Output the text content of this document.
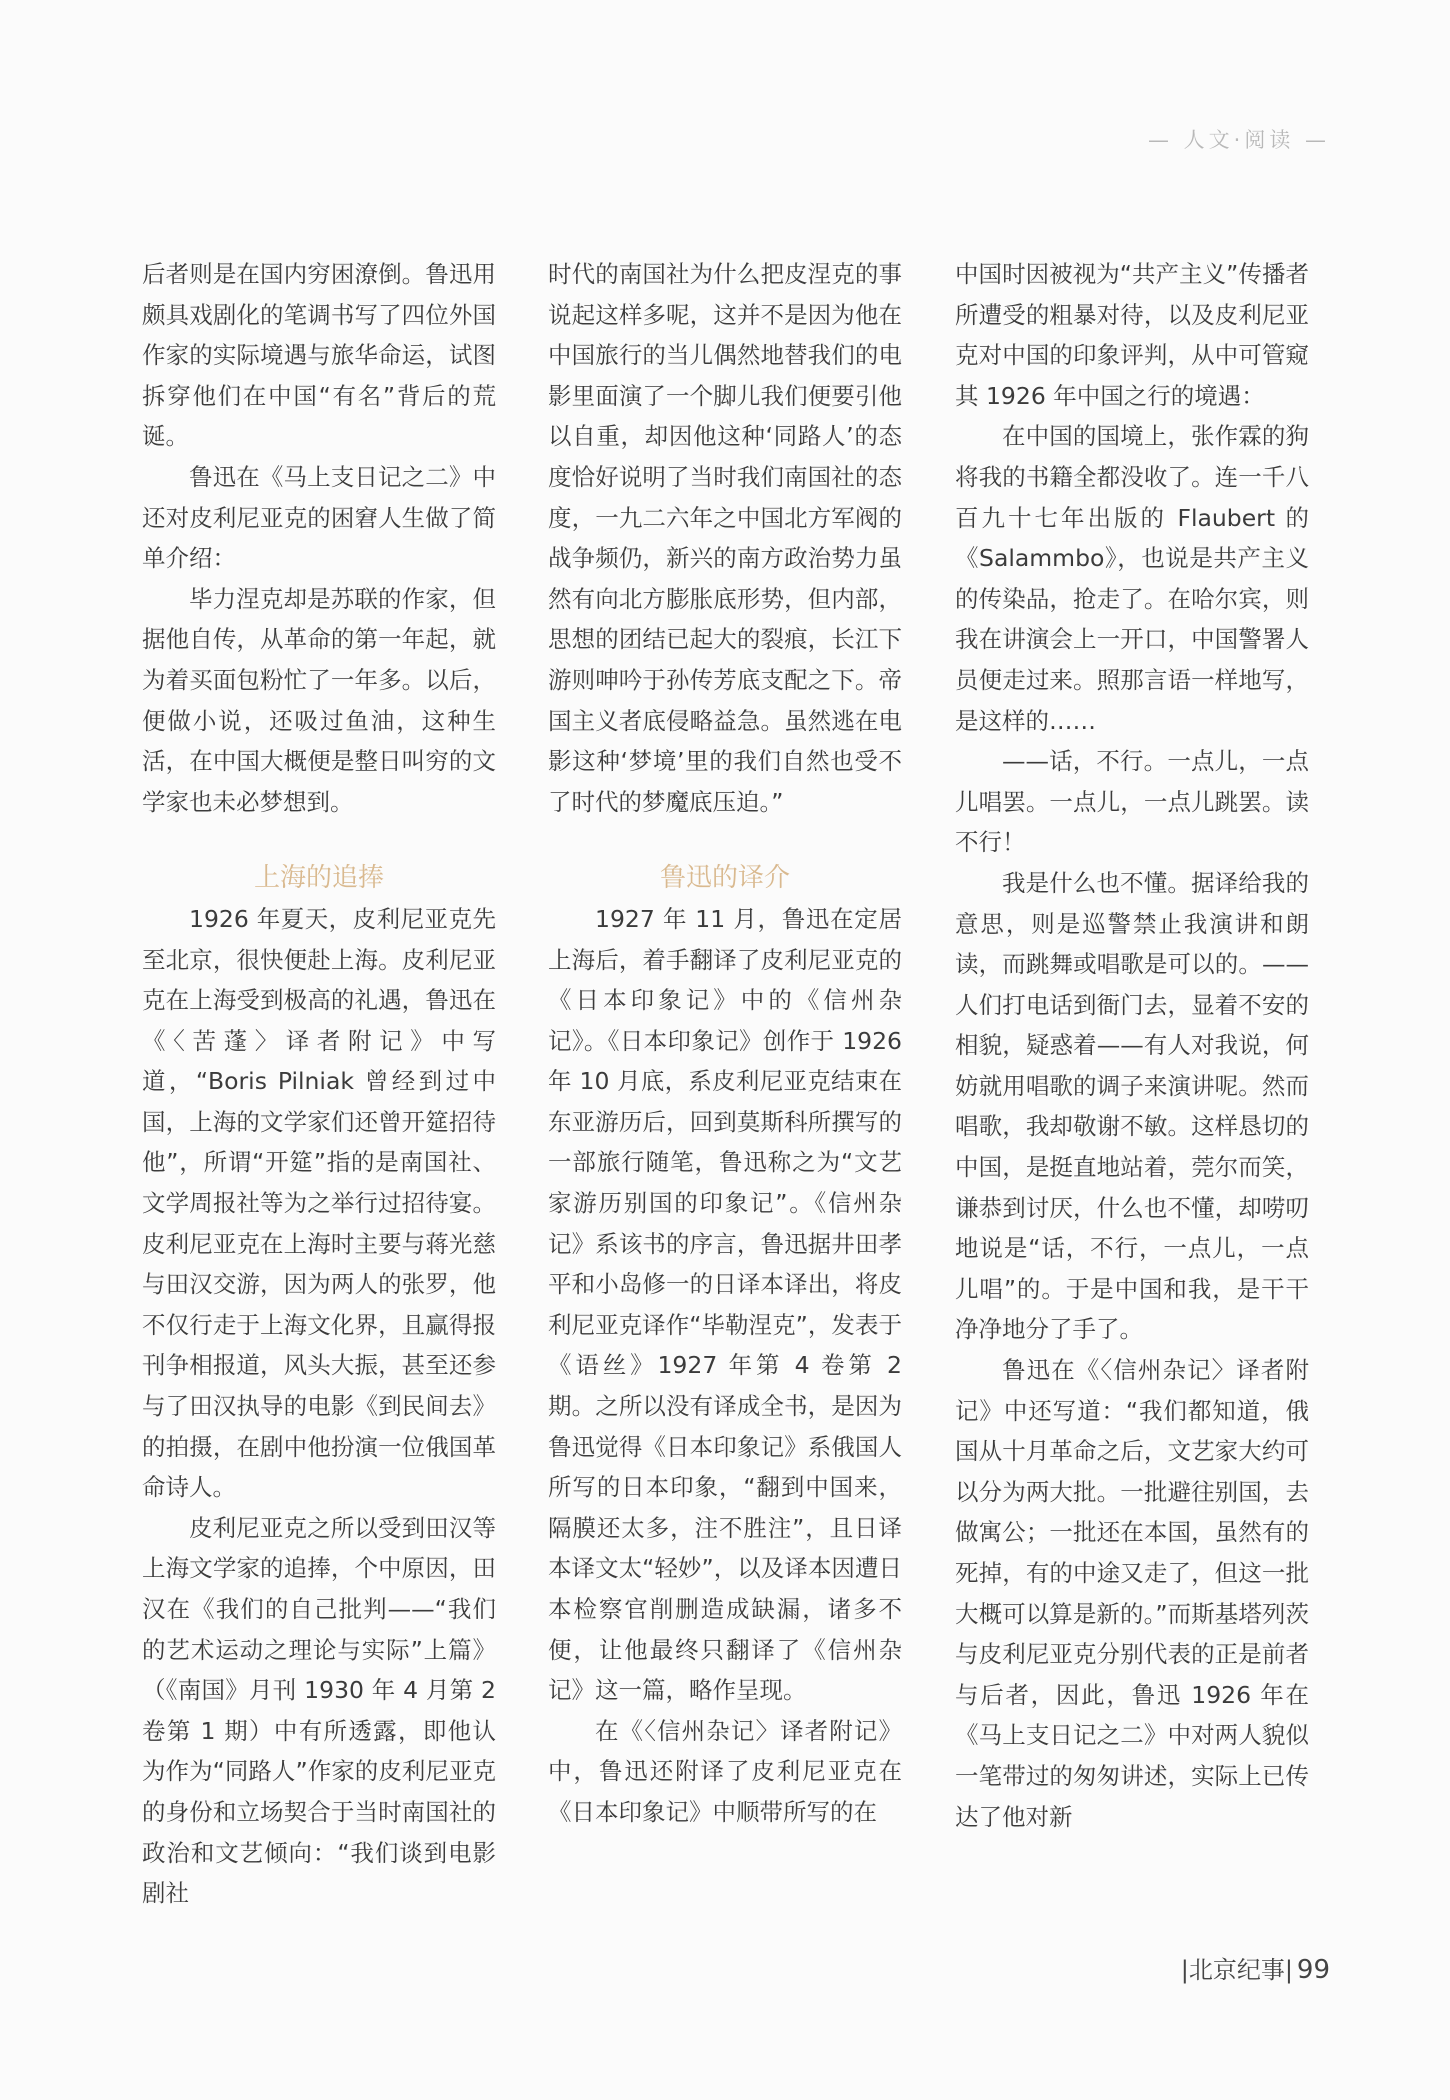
— 人文·阅读 —

后者则是在国内穷困潦倒。鲁迅用颇具戏剧化的笔调书写了四位外国作家的实际境遇与旅华命运，试图拆穿他们在中国“有名”背后的荒诞。

鲁迅在《马上支日记之二》中还对皮利尼亚克的困窘人生做了简单介绍：

毕力涅克却是苏联的作家，但据他自传，从革命的第一年起，就为着买面包粉忙了一年多。以后，便做小说，还吸过鱼油，这种生活，在中国大概便是整日叫穷的文学家也未必梦想到。

上海的追捧

1926 年夏天，皮利尼亚克先至北京，很快便赴上海。皮利尼亚克在上海受到极高的礼遇，鲁迅在《〈苦蓬〉译者附记》中写道，“Boris Pilniak 曾经到过中国，上海的文学家们还曾开筵招待他”，所谓“开筵”指的是南国社、文学周报社等为之举行过招待宴。皮利尼亚克在上海时主要与蒋光慈与田汉交游，因为两人的张罗，他不仅行走于上海文化界，且赢得报刊争相报道，风头大振，甚至还参与了田汉执导的电影《到民间去》的拍摄，在剧中他扮演一位俄国革命诗人。

皮利尼亚克之所以受到田汉等上海文学家的追捧，个中原因，田汉在《我们的自己批判——“我们的艺术运动之理论与实际”上篇》（《南国》月刊 1930 年 4 月第 2 卷第 1 期）中有所透露，即他认为作为“同路人”作家的皮利尼亚克的身份和立场契合于当时南国社的政治和文艺倾向：“我们谈到电影剧社

时代的南国社为什么把皮涅克的事说起这样多呢，这并不是因为他在中国旅行的当儿偶然地替我们的电影里面演了一个脚儿我们便要引他以自重，却因他这种‘同路人’的态度恰好说明了当时我们南国社的态度，一九二六年之中国北方军阀的战争频仍，新兴的南方政治势力虽然有向北方膨胀底形势，但内部，思想的团结已起大的裂痕，长江下游则呻吟于孙传芳底支配之下。帝国主义者底侵略益急。虽然逃在电影这种‘梦境’里的我们自然也受不了时代的梦魔底压迫。”

鲁迅的译介

1927 年 11 月，鲁迅在定居上海后，着手翻译了皮利尼亚克的《日本印象记》中的《信州杂记》。《日本印象记》创作于 1926 年 10 月底，系皮利尼亚克结束在东亚游历后，回到莫斯科所撰写的一部旅行随笔，鲁迅称之为“文艺家游历别国的印象记”。《信州杂记》系该书的序言，鲁迅据井田孝平和小岛修一的日译本译出，将皮利尼亚克译作“毕勒涅克”，发表于《语丝》1927 年第 4 卷第 2 期。之所以没有译成全书，是因为鲁迅觉得《日本印象记》系俄国人所写的日本印象，“翻到中国来，隔膜还太多，注不胜注”，且日译本译文太“轻妙”，以及译本因遭日本检察官削删造成缺漏，诸多不便，让他最终只翻译了《信州杂记》这一篇，略作呈现。

在《〈信州杂记〉译者附记》中，鲁迅还附译了皮利尼亚克在《日本印象记》中顺带所写的在

中国时因被视为“共产主义”传播者所遭受的粗暴对待，以及皮利尼亚克对中国的印象评判，从中可管窥其 1926 年中国之行的境遇：

在中国的国境上，张作霖的狗将我的书籍全都没收了。连一千八百九十七年出版的 Flaubert 的《Salammbo》，也说是共产主义的传染品，抢走了。在哈尔宾，则我在讲演会上一开口，中国警署人员便走过来。照那言语一样地写，是这样的……

——话，不行。一点儿，一点儿唱罢。一点儿，一点儿跳罢。读不行！

我是什么也不懂。据译给我的意思，则是巡警禁止我演讲和朗读，而跳舞或唱歌是可以的。——人们打电话到衙门去，显着不安的相貌，疑惑着——有人对我说，何妨就用唱歌的调子来演讲呢。然而唱歌，我却敬谢不敏。这样恳切的中国，是挺直地站着，莞尔而笑，谦恭到讨厌，什么也不懂，却唠叨地说是“话，不行，一点儿，一点儿唱”的。于是中国和我，是干干净净地分了手了。

鲁迅在《〈信州杂记〉译者附记》中还写道：“我们都知道，俄国从十月革命之后，文艺家大约可以分为两大批。一批避往别国，去做寓公；一批还在本国，虽然有的死掉，有的中途又走了，但这一批大概可以算是新的。”而斯基塔列茨与皮利尼亚克分别代表的正是前者与后者，因此，鲁迅 1926 年在《马上支日记之二》中对两人貌似一笔带过的匆匆讲述，实际上已传达了他对新

|北京纪事| 99
